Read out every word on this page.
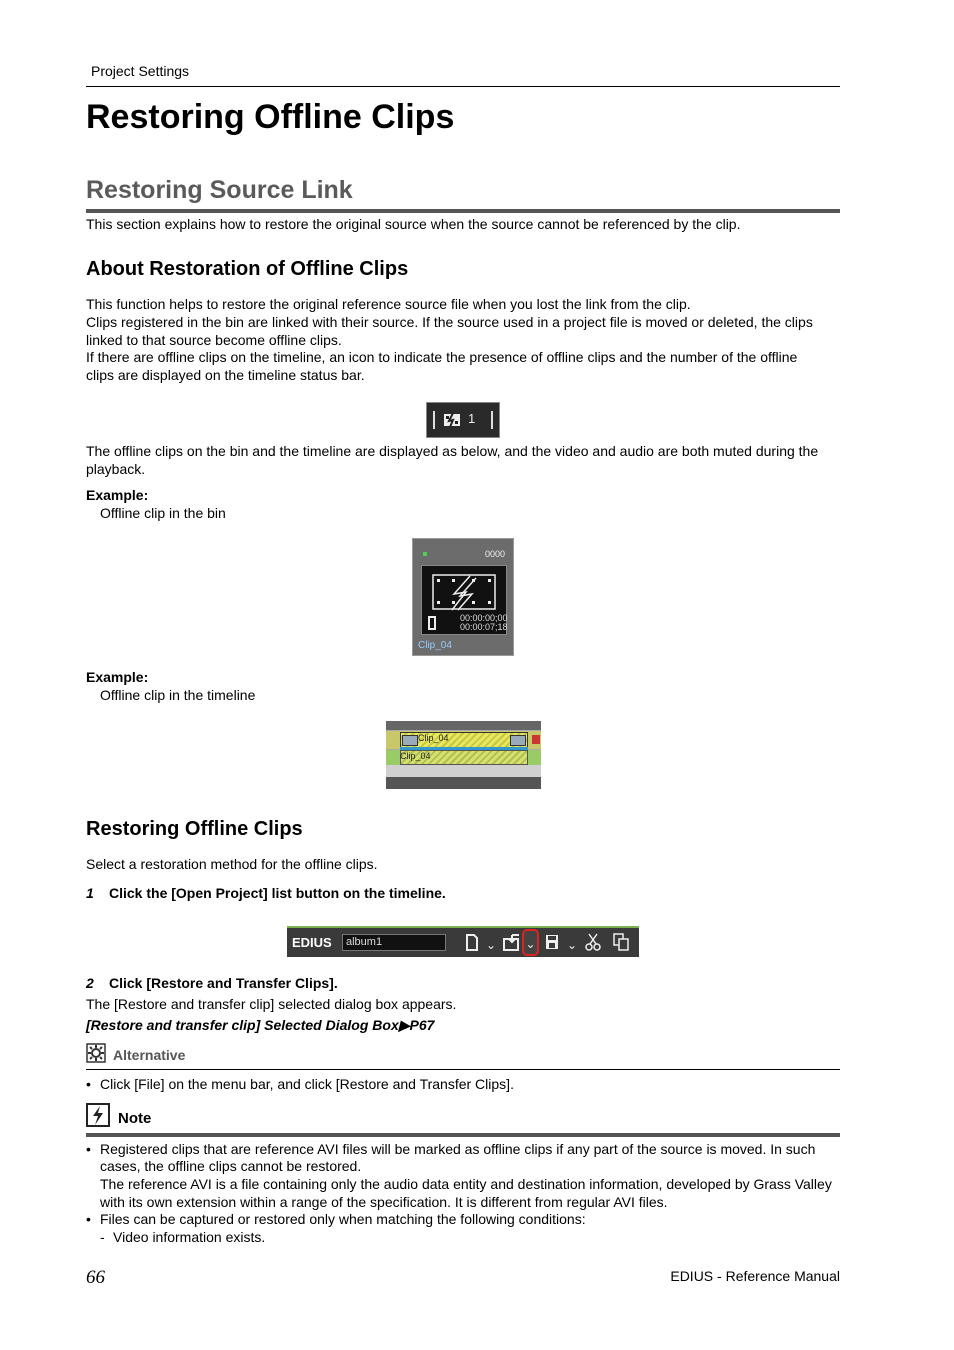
Project Settings
Restoring Offline Clips
Restoring Source Link
This section explains how to restore the original source when the source cannot be referenced by the clip.
About Restoration of Offline Clips
This function helps to restore the original reference source file when you lost the link from the clip.
Clips registered in the bin are linked with their source. If the source used in a project file is moved or deleted, the clips
linked to that source become offline clips.
If there are offline clips on the timeline, an icon to indicate the presence of offline clips and the number of the offline
clips are displayed on the timeline status bar.
1
The offline clips on the bin and the timeline are displayed as below, and the video and audio are both muted during the
playback.
Example:
Offline clip in the bin
0000
00:00:00;00
00:00:07;18
Clip_04
Example:
Offline clip in the timeline
Clip_04
Clip_04
Restoring Offline Clips
Select a restoration method for the offline clips.
1 Click the [Open Project] list button on the timeline.
EDIUS	album1	⌄ ⌄	⌄
2 Click [Restore and Transfer Clips].
The [Restore and transfer clip] selected dialog box appears.
[Restore and transfer clip] Selected Dialog Box▶P67
Alternative
• Click [File] on the menu bar, and click [Restore and Transfer Clips].
Note
• Registered clips that are reference AVI files will be marked as offline clips if any part of the source is moved. In such
cases, the offline clips cannot be restored.
The reference AVI is a file containing only the audio data entity and destination information, developed by Grass Valley
with its own extension within a range of the specification. It is different from regular AVI files.
• Files can be captured or restored only when matching the following conditions:
- Video information exists.
66	EDIUS - Reference Manual
